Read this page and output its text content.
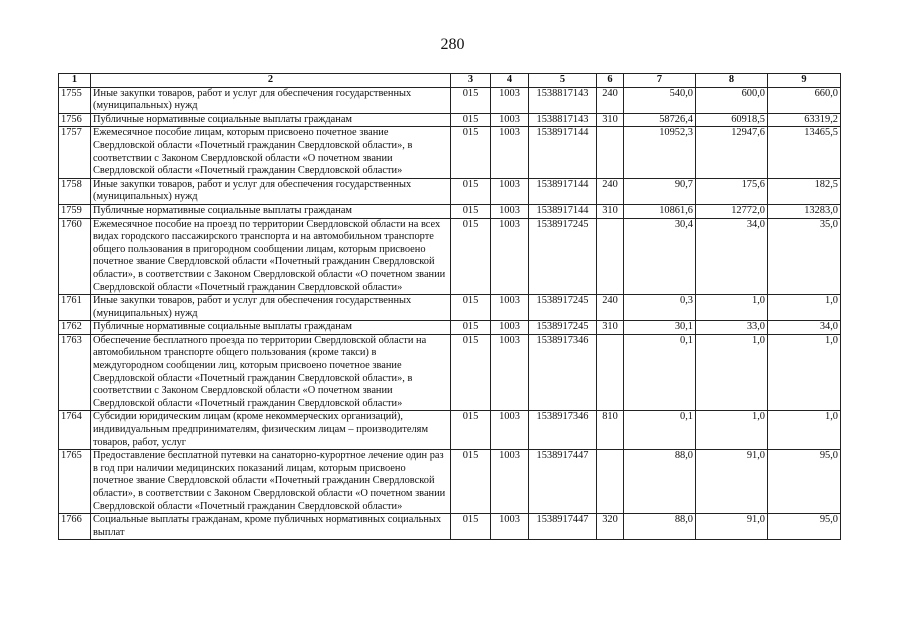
280
1	2	3	4	5	6	7	8	9
1755	Иные закупки товаров, работ и услуг для обеспечения государственных (муниципальных) нужд	015	1003	1538817143	240	540,0	600,0	660,0
1756	Публичные нормативные социальные выплаты гражданам	015	1003	1538817143	310	58726,4	60918,5	63319,2
1757	Ежемесячное пособие лицам, которым присвоено почетное звание Свердловской области «Почетный гражданин Свердловской области», в соответствии с Законом Свердловской области «О почетном звании Свердловской области «Почетный гражданин Свердловской области»	015	1003	1538917144		10952,3	12947,6	13465,5
1758	Иные закупки товаров, работ и услуг для обеспечения государственных (муниципальных) нужд	015	1003	1538917144	240	90,7	175,6	182,5
1759	Публичные нормативные социальные выплаты гражданам	015	1003	1538917144	310	10861,6	12772,0	13283,0
1760	Ежемесячное пособие на проезд по территории Свердловской области на всех видах городского пассажирского транспорта и на автомобильном транспорте общего пользования в пригородном сообщении лицам, которым присвоено почетное звание Свердловской области «Почетный гражданин Свердловской области», в соответствии с Законом Свердловской области «О почетном звании Свердловской области «Почетный гражданин Свердловской области»	015	1003	1538917245		30,4	34,0	35,0
1761	Иные закупки товаров, работ и услуг для обеспечения государственных (муниципальных) нужд	015	1003	1538917245	240	0,3	1,0	1,0
1762	Публичные нормативные социальные выплаты гражданам	015	1003	1538917245	310	30,1	33,0	34,0
1763	Обеспечение бесплатного проезда по территории Свердловской области на автомобильном транспорте общего пользования (кроме такси) в междугородном сообщении лиц, которым присвоено почетное звание Свердловской области «Почетный гражданин Свердловской области», в соответствии с Законом Свердловской области «О почетном звании Свердловской области «Почетный гражданин Свердловской области»	015	1003	1538917346		0,1	1,0	1,0
1764	Субсидии юридическим лицам (кроме некоммерческих организаций), индивидуальным предпринимателям, физическим лицам – производителям товаров, работ, услуг	015	1003	1538917346	810	0,1	1,0	1,0
1765	Предоставление бесплатной путевки на санаторно-курортное лечение один раз в год при наличии медицинских показаний лицам, которым присвоено почетное звание Свердловской области «Почетный гражданин Свердловской области», в соответствии с Законом Свердловской области «О почетном звании Свердловской области «Почетный гражданин Свердловской области»	015	1003	1538917447		88,0	91,0	95,0
1766	Социальные выплаты гражданам, кроме публичных нормативных социальных выплат	015	1003	1538917447	320	88,0	91,0	95,0
